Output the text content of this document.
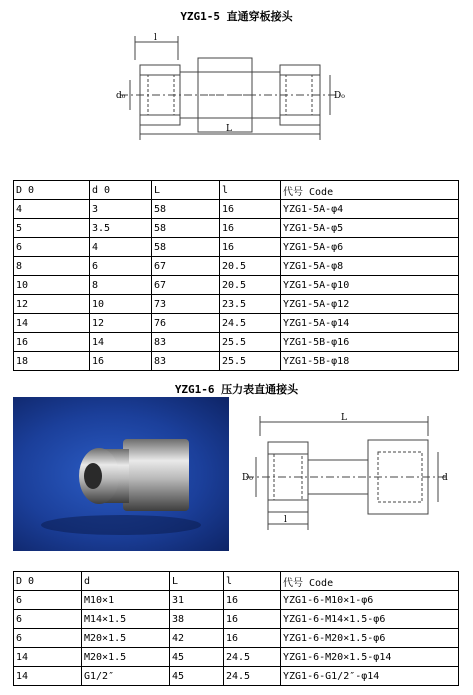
YZG1-5 直通穿板接头
l
d₀	D₀
L
D 0	d 0	L	l	代号 Code
4	3	58	16	YZG1-5A-φ4
5	3.5	58	16	YZG1-5A-φ5
6	4	58	16	YZG1-5A-φ6
8	6	67	20.5	YZG1-5A-φ8
10	8	67	20.5	YZG1-5A-φ10
12	10	73	23.5	YZG1-5A-φ12
14	12	76	24.5	YZG1-5A-φ14
16	14	83	25.5	YZG1-5B-φ16
18	16	83	25.5	YZG1-5B-φ18
YZG1-6 压力表直通接头
L
D₀	d
l
D 0	d	L	l	代号 Code
6	M10×1	31	16	YZG1-6-M10×1-φ6
6	M14×1.5	38	16	YZG1-6-M14×1.5-φ6
6	M20×1.5	42	16	YZG1-6-M20×1.5-φ6
14	M20×1.5	45	24.5	YZG1-6-M20×1.5-φ14
14	G1/2″	45	24.5	YZG1-6-G1/2″-φ14
